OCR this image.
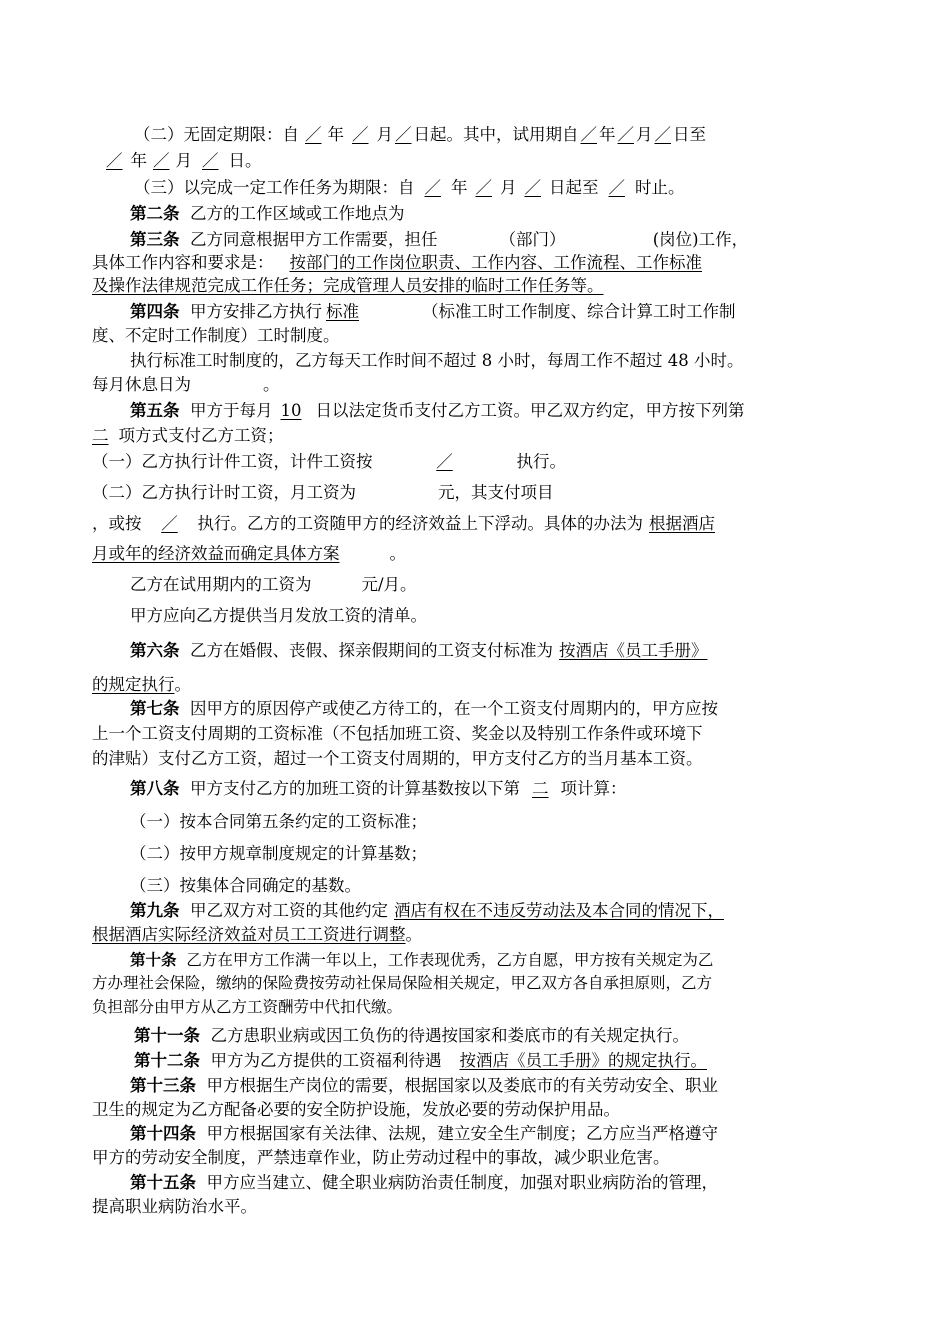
（二）无固定期限：自 ／ 年 ／ 月 ／ 日起。其中，试用期自 ／ 年 ／ 月 ／ 日至
／ 年 ／ 月 ／ 日。
（三）以完成一定工作任务为期限：自 ／ 年 ／ 月 ／ 日起至 ／ 时止。
第二条 乙方的工作区域或工作地点为
第三条 乙方同意根据甲方工作需要，担任	（部门）	(岗位)工作，
具体工作内容和要求是： 按部门的工作岗位职责、工作内容、工作流程、工作标准
及操作法律规范完成工作任务；完成管理人员安排的临时工作任务等。
第四条 甲方安排乙方执行 标准	（标准工时工作制度、综合计算工时工作制
度、不定时工作制度）工时制度。
执行标准工时制度的，乙方每天工作时间不超过 8 小时，每周工作不超过 48 小时。
每月休息日为	。
第五条 甲方于每月 10 日以法定货币支付乙方工资。甲乙双方约定，甲方按下列第
二 项方式支付乙方工资；
（一）乙方执行计件工资，计件工资按	／	执行。
（二）乙方执行计时工资，月工资为	元，其支付项目
，或按 ／ 执行。乙方的工资随甲方的经济效益上下浮动。具体的办法为 根据酒店
月或年的经济效益而确定具体方案	。
乙方在试用期内的工资为	元/月。
甲方应向乙方提供当月发放工资的清单。
第六条 乙方在婚假、丧假、探亲假期间的工资支付标准为 按酒店《员工手册》
的规定执行。
第七条 因甲方的原因停产或使乙方待工的，在一个工资支付周期内的，甲方应按
上一个工资支付周期的工资标准（不包括加班工资、奖金以及特别工作条件或环境下
的津贴）支付乙方工资，超过一个工资支付周期的，甲方支付乙方的当月基本工资。
第八条 甲方支付乙方的加班工资的计算基数按以下第 二 项计算：
（一）按本合同第五条约定的工资标准；
（二）按甲方规章制度规定的计算基数；
（三）按集体合同确定的基数。
第九条 甲乙双方对工资的其他约定 酒店有权在不违反劳动法及本合同的情况下，
根据酒店实际经济效益对员工工资进行调整。
第十条 乙方在甲方工作满一年以上，工作表现优秀，乙方自愿，甲方按有关规定为乙
方办理社会保险，缴纳的保险费按劳动社保局保险相关规定，甲乙双方各自承担原则，乙方
负担部分由甲方从乙方工资酬劳中代扣代缴。
第十一条 乙方患职业病或因工负伤的待遇按国家和娄底市的有关规定执行。
第十二条 甲方为乙方提供的工资福利待遇 按酒店《员工手册》的规定执行。
第十三条 甲方根据生产岗位的需要，根据国家以及娄底市的有关劳动安全、职业
卫生的规定为乙方配备必要的安全防护设施，发放必要的劳动保护用品。
第十四条 甲方根据国家有关法律、法规，建立安全生产制度；乙方应当严格遵守
甲方的劳动安全制度，严禁违章作业，防止劳动过程中的事故，减少职业危害。
第十五条 甲方应当建立、健全职业病防治责任制度，加强对职业病防治的管理，
提高职业病防治水平。
